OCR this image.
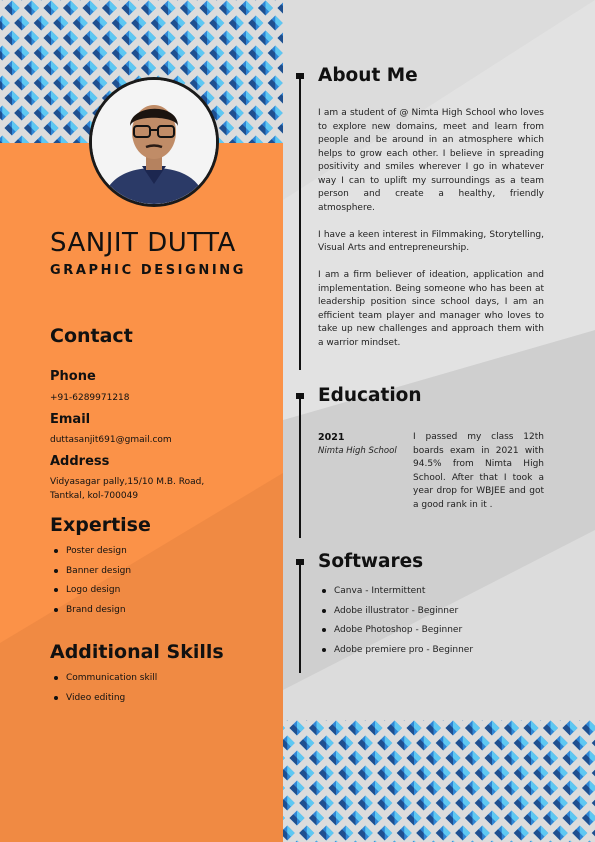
SANJIT DUTTA
GRAPHIC DESIGNING
Contact
Phone
+91-6289971218
Email
duttasanjit691@gmail.com
Address
Vidyasagar pally,15/10 M.B. Road,
Tantkal, kol-700049
Expertise
Poster design
Banner design
Logo design
Brand design
Additional Skills
Communication skill
Video editing
About Me

I am a student of @ Nimta High School who loves to explore new domains, meet and learn from people and be around in an atmosphere which helps to grow each other. I believe in spreading positivity and smiles wherever I go in whatever way I can to uplift my surroundings as a team person and create a healthy, friendly atmosphere.

I have a keen interest in Filmmaking, Storytelling, Visual Arts and entrepreneurship.

I am a firm believer of ideation, application and implementation. Being someone who has been at leadership position since school days, I am an efficient team player and manager who loves to take up new challenges and approach them with a warrior mindset.

Education
2021
Nimta High School
I passed my class 12th boards exam in 2021 with 94.5% from Nimta High School. After that I took a year drop for WBJEE and got a good rank in it .
Softwares
Canva - Intermittent
Adobe illustrator - Beginner
Adobe Photoshop - Beginner
Adobe premiere pro - Beginner
